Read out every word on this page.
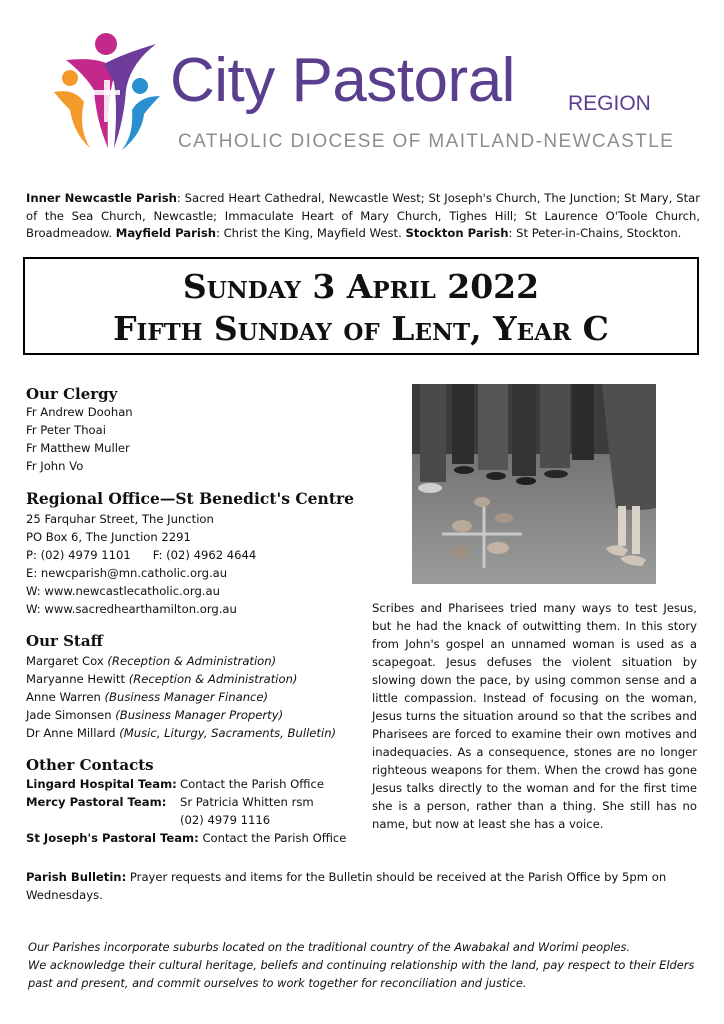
City Pastoral	REGION
CATHOLIC DIOCESE OF MAITLAND-NEWCASTLE
Inner Newcastle Parish: Sacred Heart Cathedral, Newcastle West; St Joseph's Church, The Junction; St Mary, Star of the Sea Church, Newcastle; Immaculate Heart of Mary Church, Tighes Hill; St Laurence O'Toole Church, Broadmeadow. Mayfield Parish: Christ the King, Mayfield West. Stockton Parish: St Peter-in-Chains, Stockton.
Sunday 3 April 2022
Fifth Sunday of Lent, Year C
Our Clergy
Fr Andrew Doohan
Fr Peter Thoai
Fr Matthew Muller
Fr John Vo
Regional Office—St Benedict's Centre
25 Farquhar Street, The Junction
PO Box 6, The Junction 2291
P: (02) 4979 1101 F: (02) 4962 4644
E: newcparish@mn.catholic.org.au
W: www.newcastlecatholic.org.au
W: www.sacredhearthamilton.org.au
Our Staff
Margaret Cox (Reception & Administration)
Maryanne Hewitt (Reception & Administration)
Anne Warren (Business Manager Finance)
Jade Simonsen (Business Manager Property)
Dr Anne Millard (Music, Liturgy, Sacraments, Bulletin)
Other Contacts
Lingard Hospital Team: Contact the Parish Office
Mercy Pastoral Team: Sr Patricia Whitten rsm
(02) 4979 1116
St Joseph's Pastoral Team: Contact the Parish Office
Scribes and Pharisees tried many ways to test Jesus, but he had the knack of outwitting them. In this story from John's gospel an unnamed woman is used as a scapegoat. Jesus defuses the violent situation by slowing down the pace, by using common sense and a little compassion. Instead of focusing on the woman, Jesus turns the situation around so that the scribes and Pharisees are forced to examine their own motives and inadequacies. As a consequence, stones are no longer righteous weapons for them. When the crowd has gone Jesus talks directly to the woman and for the first time she is a person, rather than a thing. She still has no name, but now at least she has a voice.
Parish Bulletin: Prayer requests and items for the Bulletin should be received at the Parish Office by 5pm on Wednesdays.
Our Parishes incorporate suburbs located on the traditional country of the Awabakal and Worimi peoples.
We acknowledge their cultural heritage, beliefs and continuing relationship with the land, pay respect to their Elders past and present, and commit ourselves to work together for reconciliation and justice.
